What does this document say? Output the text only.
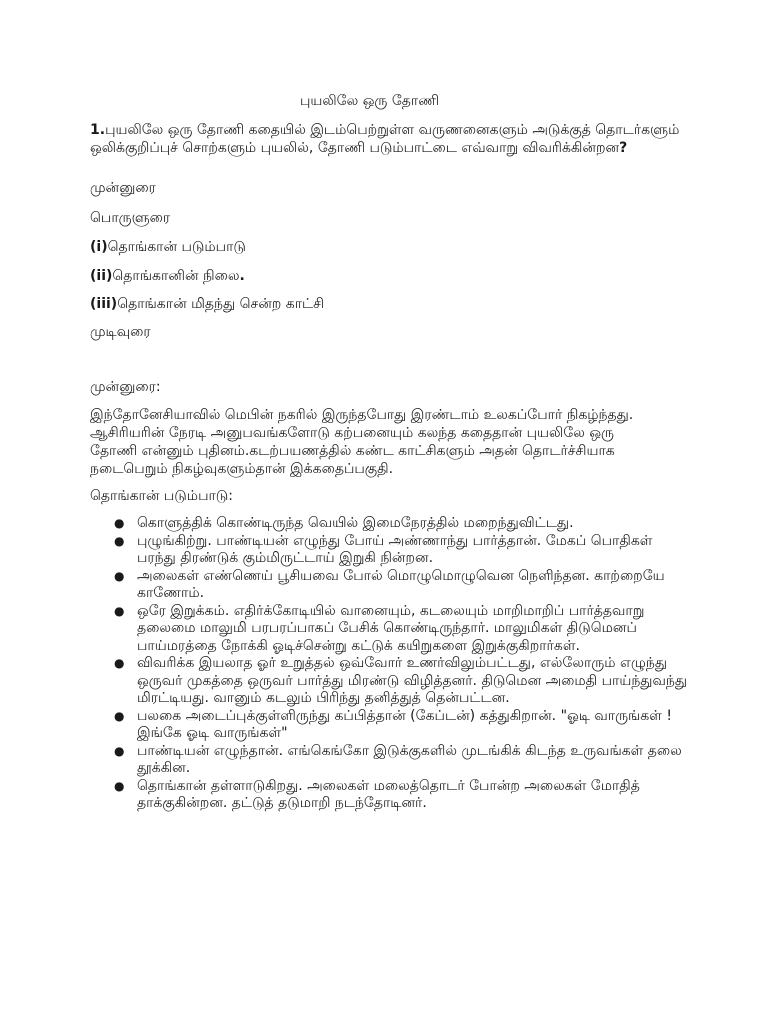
புயலிலே ஒரு தோணி
1.புயலிலே ஒரு தோணி கதையில் இடம்பெற்றுள்ள வருணனைகளும் அடுக்குத் தொடர்களும் ஒலிக்குறிப்புச் சொற்களும் புயலில், தோணி படும்பாட்டை எவ்வாறு விவரிக்கின்றன?
முன்னுரை
பொருளுரை
(i)தொங்கான் படும்பாடு
(ii)தொங்கானின் நிலை.
(iii)தொங்கான் மிதந்து சென்ற காட்சி
முடிவுரை
முன்னுரை:
இந்தோனேசியாவில் மெபின் நகரில் இருந்தபோது இரண்டாம் உலகப்போர் நிகழ்ந்தது. ஆசிரியரின் நேரடி அனுபவங்களோடு கற்பனையும் கலந்த கதைதான் புயலிலே ஒரு தோணி என்னும் புதினம்.கடற்பயணத்தில் கண்ட காட்சிகளும் அதன் தொடர்ச்சியாக நடைபெறும் நிகழ்வுகளும்தான் இக்கதைப்பகுதி.
தொங்கான் படும்பாடு:
● கொளுத்திக் கொண்டிருந்த வெயில் இமைநேரத்தில் மறைந்துவிட்டது.
● புழுங்கிற்று. பாண்டியன் எழுந்து போய் அண்ணாந்து பார்த்தான். மேகப் பொதிகள் பரந்து திரண்டுக் கும்மிருட்டாய் இறுகி நின்றன.
● அலைகள் எண்ணெய் பூசியவை போல் மொழுமொழுவென நெளிந்தன. காற்றையே காணோம்.
● ஒரே இறுக்கம். எதிர்க்கோடியில் வானையும், கடலையும் மாறிமாறிப் பார்த்தவாறு தலைமை மாலுமி பரபரப்பாகப் பேசிக் கொண்டிருந்தார். மாலுமிகள் திடுமெனப் பாய்மரத்தை நோக்கி ஓடிச்சென்று கட்டுக் கயிறுகளை இறுக்குகிறார்கள்.
● விவரிக்க இயலாத ஓர் உறுத்தல் ஒவ்வோர் உணர்விலும்பட்டது, எல்லோரும் எழுந்து ஒருவர் முகத்தை ஒருவர் பார்த்து மிரண்டு விழித்தனர். திடுமென அமைதி பாய்ந்துவந்து மிரட்டியது. வானும் கடலும் பிரிந்து தனித்துத் தென்பட்டன.
● பலகை அடைப்புக்குள்ளிருந்து கப்பித்தான் (கேப்டன்) கத்துகிறான். "ஓடி வாருங்கள் ! இங்கே ஓடி வாருங்கள்"
● பாண்டியன் எழுந்தான். எங்கெங்கோ இடுக்குகளில் முடங்கிக் கிடந்த உருவங்கள் தலை தூக்கின.
● தொங்கான் தள்ளாடுகிறது. அலைகள் மலைத்தொடர் போன்ற அலைகள் மோதித் தாக்குகின்றன. தட்டுத் தடுமாறி நடந்தோடினர்.
